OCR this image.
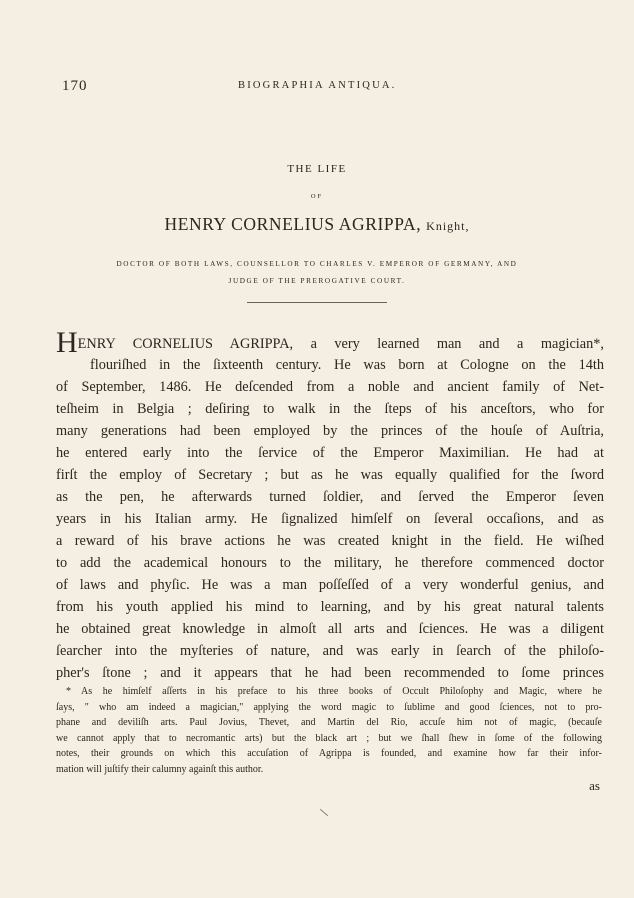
170	BIOGRAPHIA ANTIQUA.
THE LIFE
OF
HENRY CORNELIUS AGRIPPA, Knight,
DOCTOR OF BOTH LAWS, COUNSELLOR TO CHARLES V. EMPEROR OF GERMANY, AND
JUDGE OF THE PREROGATIVE COURT.
HENRY CORNELIUS AGRIPPA, a very learned man and a magician*,
flouriſhed in the ſixteenth century. He was born at Cologne on the 14th
of September, 1486. He deſcended from a noble and ancient family of Net-
teſheim in Belgia ; deſiring to walk in the ſteps of his anceſtors, who for
many generations had been employed by the princes of the houſe of Auſtria,
he entered early into the ſervice of the Emperor Maximilian. He had at
firſt the employ of Secretary ; but as he was equally qualified for the ſword
as the pen, he afterwards turned ſoldier, and ſerved the Emperor ſeven
years in his Italian army. He ſignalized himſelf on ſeveral occaſions, and as
a reward of his brave actions he was created knight in the field. He wiſhed
to add the academical honours to the military, he therefore commenced doctor
of laws and phyſic. He was a man poſſeſſed of a very wonderful genius, and
from his youth applied his mind to learning, and by his great natural talents
he obtained great knowledge in almoſt all arts and ſciences. He was a diligent
ſearcher into the myſteries of nature, and was early in ſearch of the philoſo-
pher's ſtone ; and it appears that he had been recommended to ſome princes
* As he himſelf aſſerts in his preface to his three books of Occult Philoſophy and Magic, where he
ſays, " who am indeed a magician," applying the word magic to ſublime and good ſciences, not to pro-
phane and deviliſh arts. Paul Jovius, Thevet, and Martin del Rio, accuſe him not of magic, (becauſe
we cannot apply that to necromantic arts) but the black art ; but we ſhall ſhew in ſome of the following
notes, their grounds on which this accuſation of Agrippa is founded, and examine how far their infor-
mation will juſtify their calumny againſt this author.
as
